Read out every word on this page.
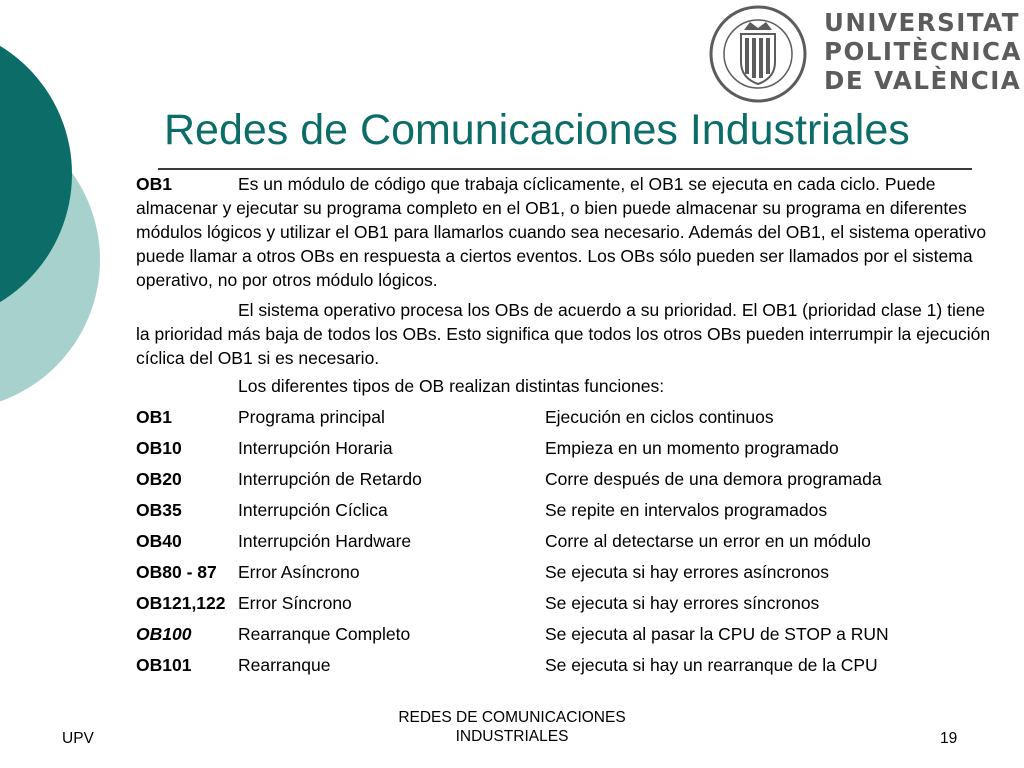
UNIVERSITAT
POLITÈCNICA
DE VALÈNCIA
Redes de Comunicaciones Industriales

OB1	Es un módulo de código que trabaja cíclicamente, el OB1 se ejecuta en cada ciclo. Puede almacenar y ejecutar su programa completo en el OB1, o bien puede almacenar su programa en diferentes módulos lógicos y utilizar el OB1 para llamarlos cuando sea necesario. Además del OB1, el sistema operativo puede llamar a otros OBs en respuesta a ciertos eventos. Los OBs sólo pueden ser llamados por el sistema operativo, no por otros módulo lógicos.

El sistema operativo procesa los OBs de acuerdo a su prioridad. El OB1 (prioridad clase 1) tiene la prioridad más baja de todos los OBs. Esto significa que todos los otros OBs pueden interrumpir la ejecución cíclica del OB1 si es necesario.

Los diferentes tipos de OB realizan distintas funciones:

OB1	Programa principal	Ejecución en ciclos continuos
OB10	Interrupción Horaria	Empieza en un momento programado
OB20	Interrupción de Retardo	Corre después de una demora programada
OB35	Interrupción Cíclica	Se repite en intervalos programados
OB40	Interrupción Hardware	Corre al detectarse un error en un módulo
OB80 - 87	Error Asíncrono	Se ejecuta si hay errores asíncronos
OB121,122 Error Síncrono	Se ejecuta si hay errores síncronos
OB100	Rearranque Completo	Se ejecuta al pasar la CPU de STOP a RUN
OB101	Rearranque	Se ejecuta si hay un rearranque de la CPU
UPV
REDES DE COMUNICACIONES
INDUSTRIALES	19
